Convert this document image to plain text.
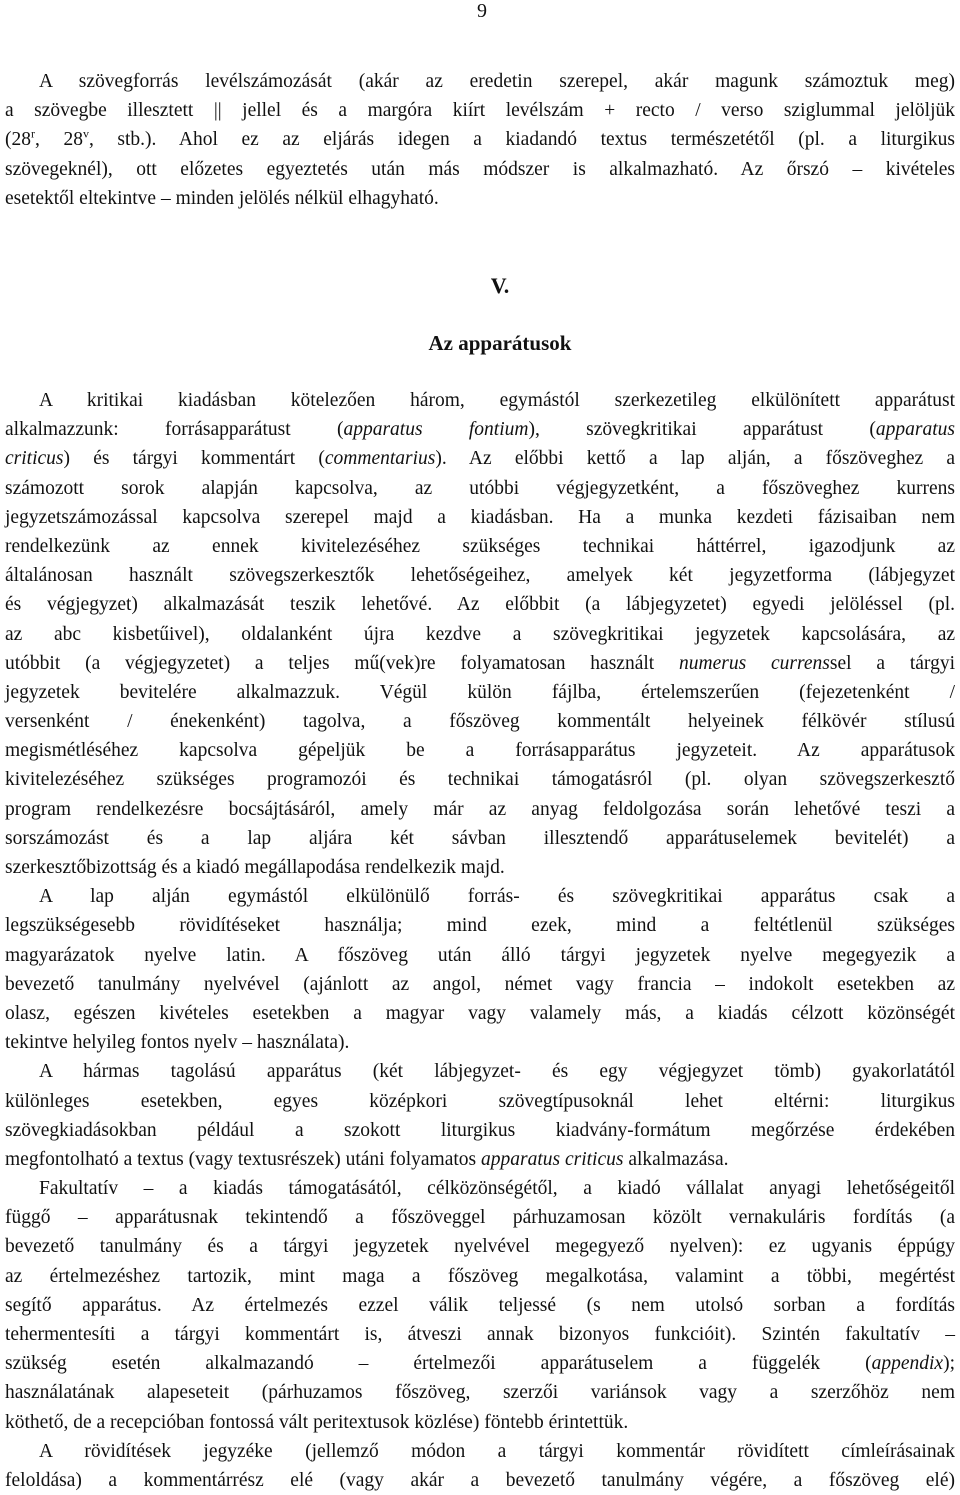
9
A szövegforrás levélszámozását (akár az eredetin szerepel, akár magunk számoztuk meg)
a szövegbe illesztett || jellel és a margóra kiírt levélszám + recto / verso sziglummal jelöljük
(28$^r$, 28$^v$, stb.). Ahol ez az eljárás idegen a kiadandó textus természetétől (pl. a liturgikus
szövegeknél), ott előzetes egyeztetés után más módszer is alkalmazható. Az őrszó – kivételes
esetektől eltekintve – minden jelölés nélkül elhagyható.
V.
Az apparátusok
A kritikai kiadásban kötelezően három, egymástól szerkezetileg elkülönített apparátust
alkalmazzunk: forrásapparátust (apparatus fontium), szövegkritikai apparátust (apparatus
criticus) és tárgyi kommentárt (commentarius). Az előbbi kettő a lap alján, a főszöveghez a
számozott sorok alapján kapcsolva, az utóbbi végjegyzetként, a főszöveghez kurrens
jegyzetszámozással kapcsolva szerepel majd a kiadásban. Ha a munka kezdeti fázisaiban nem
rendelkezünk az ennek kivitelezéséhez szükséges technikai háttérrel, igazodjunk az
általánosan használt szövegszerkesztők lehetőségeihez, amelyek két jegyzetforma (lábjegyzet
és végjegyzet) alkalmazását teszik lehetővé. Az előbbit (a lábjegyzetet) egyedi jelöléssel (pl.
az abc kisbetűivel), oldalanként újra kezdve a szövegkritikai jegyzetek kapcsolására, az
utóbbit (a végjegyzetet) a teljes mű(vek)re folyamatosan használt numerus currenssel a tárgyi
jegyzetek bevitelére alkalmazzuk. Végül külön fájlba, értelemszerűen (fejezetenként /
versenként / énekenként) tagolva, a főszöveg kommentált helyeinek félkövér stílusú
megismétléséhez kapcsolva gépeljük be a forrásapparátus jegyzeteit. Az apparátusok
kivitelezéséhez szükséges programozói és technikai támogatásról (pl. olyan szövegszerkesztő
program rendelkezésre bocsájtásáról, amely már az anyag feldolgozása során lehetővé teszi a
sorszámozást és a lap aljára két sávban illesztendő apparátuselemek bevitelét) a
szerkesztőbizottság és a kiadó megállapodása rendelkezik majd.
A lap alján egymástól elkülönülő forrás- és szövegkritikai apparátus csak a
legszükségesebb rövidítéseket használja; mind ezek, mind a feltétlenül szükséges
magyarázatok nyelve latin. A főszöveg után álló tárgyi jegyzetek nyelve megegyezik a
bevezető tanulmány nyelvével (ajánlott az angol, német vagy francia – indokolt esetekben az
olasz, egészen kivételes esetekben a magyar vagy valamely más, a kiadás célzott közönségét
tekintve helyileg fontos nyelv – használata).
A hármas tagolású apparátus (két lábjegyzet- és egy végjegyzet tömb) gyakorlatától
különleges esetekben, egyes középkori szövegtípusoknál lehet eltérni: liturgikus
szövegkiadásokban például a szokott liturgikus kiadvány-formátum megőrzése érdekében
megfontolható a textus (vagy textusrészek) utáni folyamatos apparatus criticus alkalmazása.
Fakultatív – a kiadás támogatásától, célközönségétől, a kiadó vállalat anyagi lehetőségeitől
függő – apparátusnak tekintendő a főszöveggel párhuzamosan közölt vernakuláris fordítás (a
bevezető tanulmány és a tárgyi jegyzetek nyelvével megegyező nyelven): ez ugyanis éppúgy
az értelmezéshez tartozik, mint maga a főszöveg megalkotása, valamint a többi, megértést
segítő apparátus. Az értelmezés ezzel válik teljessé (s nem utolsó sorban a fordítás
tehermentesíti a tárgyi kommentárt is, átveszi annak bizonyos funkcióit). Szintén fakultatív –
szükség esetén alkalmazandó – értelmezői apparátuselem a függelék (appendix);
használatának alapeseteit (párhuzamos főszöveg, szerzői variánsok vagy a szerzőhöz nem
köthető, de a recepcióban fontossá vált peritextusok közlése) föntebb érintettük.
A rövidítések jegyzéke (jellemző módon a tárgyi kommentár rövidített címleírásainak
feloldása) a kommentárrész elé (vagy akár a bevezető tanulmány végére, a főszöveg elé)
